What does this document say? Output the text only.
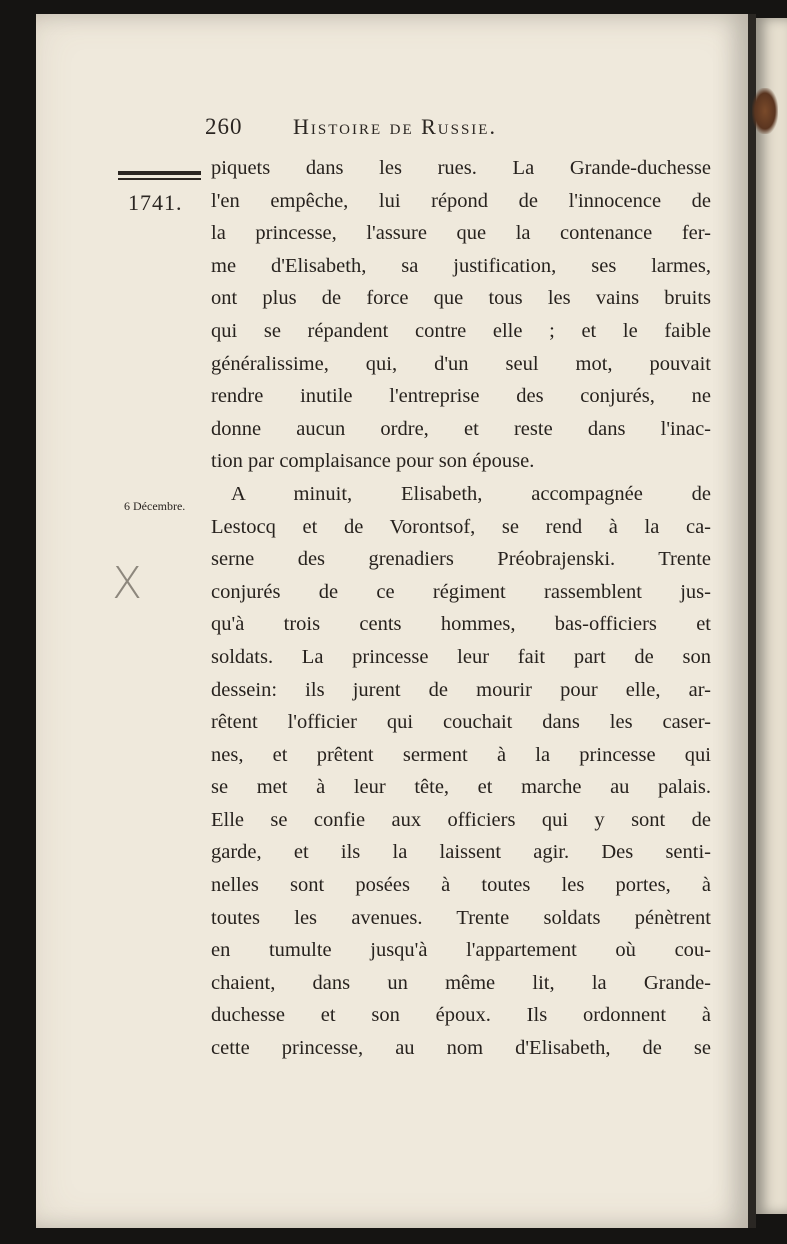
260 Histoire de Russie.
1741.
6 Décembre.
X
piquets dans les rues. La Grande-duchesse
l'en empêche, lui répond de l'innocence de
la princesse, l'assure que la contenance fer-
me d'Elisabeth, sa justification, ses larmes,
ont plus de force que tous les vains bruits
qui se répandent contre elle ; et le faible
généralissime, qui, d'un seul mot, pouvait
rendre inutile l'entreprise des conjurés, ne
donne aucun ordre, et reste dans l'inac-
tion par complaisance pour son épouse.
A minuit, Elisabeth, accompagnée de
Lestocq et de Vorontsof, se rend à la ca-
serne des grenadiers Préobrajenski. Trente
conjurés de ce régiment rassemblent jus-
qu'à trois cents hommes, bas-officiers et
soldats. La princesse leur fait part de son
dessein: ils jurent de mourir pour elle, ar-
rêtent l'officier qui couchait dans les caser-
nes, et prêtent serment à la princesse qui
se met à leur tête, et marche au palais.
Elle se confie aux officiers qui y sont de
garde, et ils la laissent agir. Des senti-
nelles sont posées à toutes les portes, à
toutes les avenues. Trente soldats pénètrent
en tumulte jusqu'à l'appartement où cou-
chaient, dans un même lit, la Grande-
duchesse et son époux. Ils ordonnent à
cette princesse, au nom d'Elisabeth, de se
